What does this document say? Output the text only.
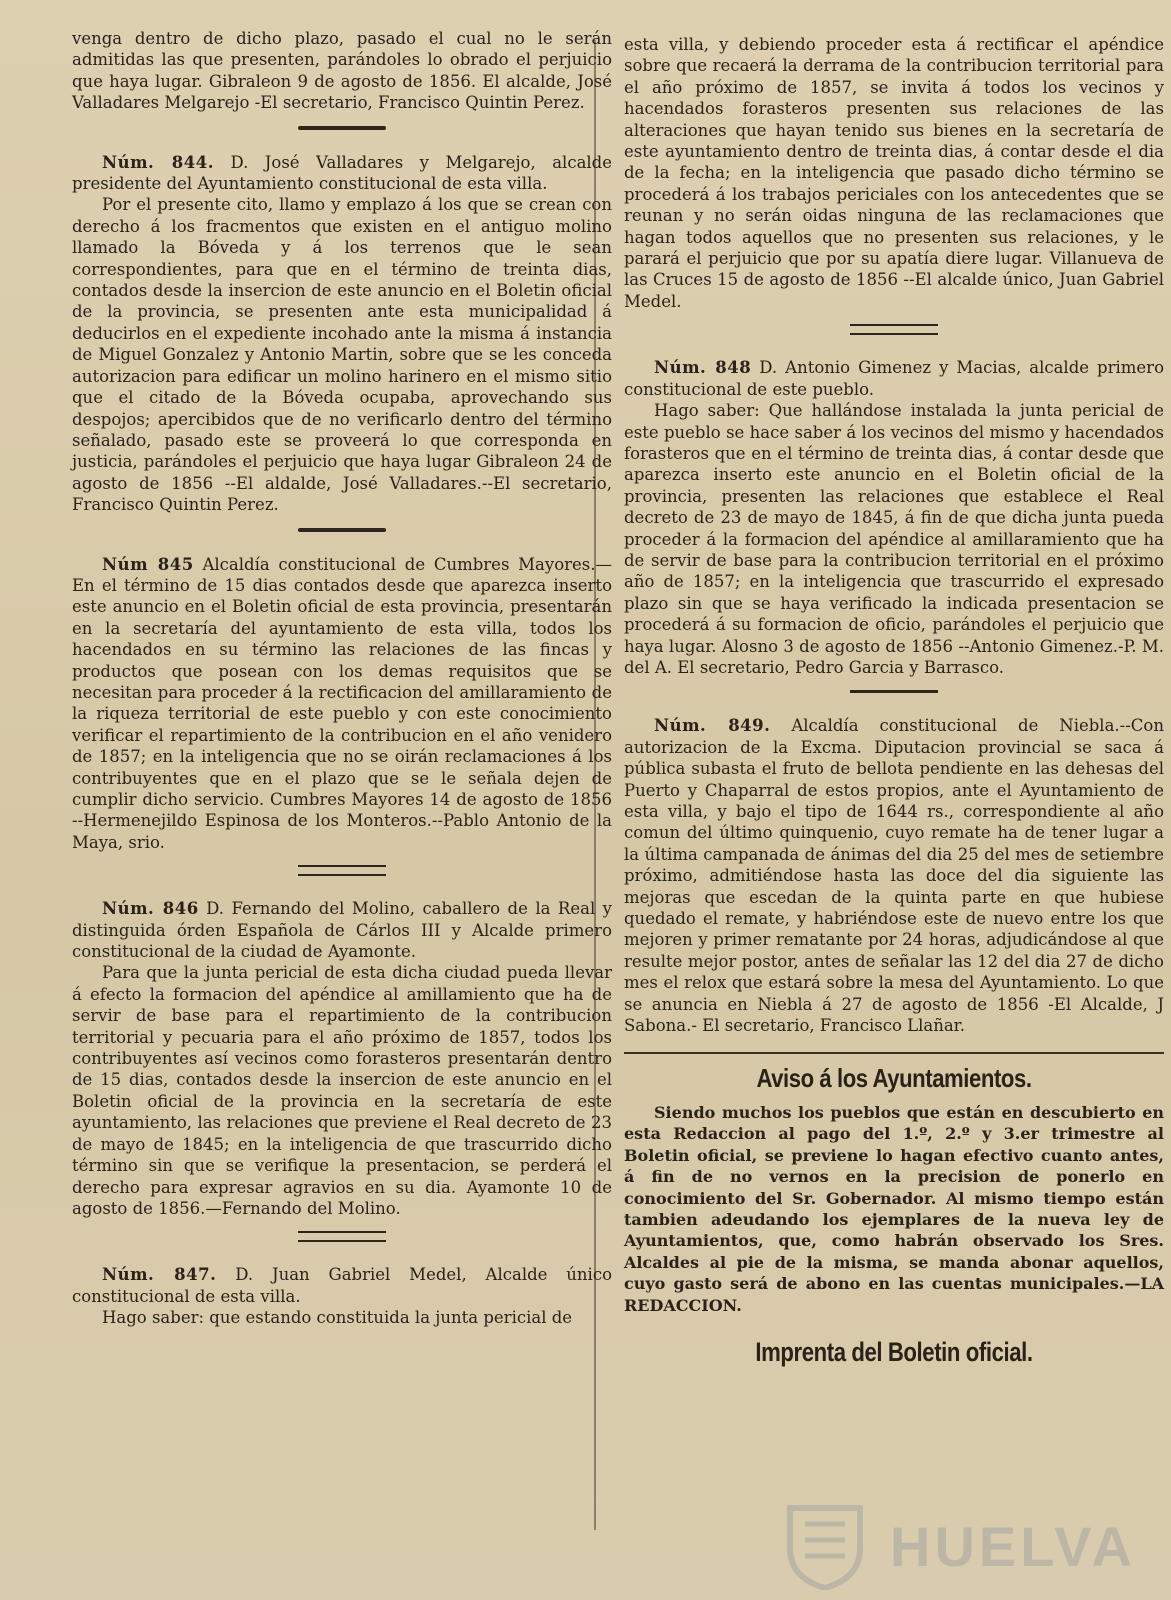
venga dentro de dicho plazo, pasado el cual no le serán admitidas las que presenten, parándoles lo obrado el perjuicio que haya lugar. Gibraleon 9 de agosto de 1856. El alcalde, José Valladares Melgarejo -El secretario, Francisco Quintin Perez.

Núm. 844. D. José Valladares y Melgarejo, alcalde presidente del Ayuntamiento constitucional de esta villa.

Por el presente cito, llamo y emplazo á los que se crean con derecho á los fracmentos que existen en el antiguo molino llamado la Bóveda y á los terrenos que le sean correspondientes, para que en el término de treinta dias, contados desde la insercion de este anuncio en el Boletin oficial de la provincia, se presenten ante esta municipalidad á deducirlos en el expediente incohado ante la misma á instancia de Miguel Gonzalez y Antonio Martin, sobre que se les conceda autorizacion para edificar un molino harinero en el mismo sitio que el citado de la Bóveda ocupaba, aprovechando sus despojos; apercibidos que de no verificarlo dentro del término señalado, pasado este se proveerá lo que corresponda en justicia, parándoles el perjuicio que haya lugar Gibraleon 24 de agosto de 1856 --El aldalde, José Valladares.--El secretario, Francisco Quintin Perez.

Núm 845 Alcaldía constitucional de Cumbres Mayores.—En el término de 15 dias contados desde que aparezca inserto este anuncio en el Boletin oficial de esta provincia, presentarán en la secretaría del ayuntamiento de esta villa, todos los hacendados en su término las relaciones de las fincas y productos que posean con los demas requisitos que se necesitan para proceder á la rectificacion del amillaramiento de la riqueza territorial de este pueblo y con este conocimiento verificar el repartimiento de la contribucion en el año venidero de 1857; en la inteligencia que no se oirán reclamaciones á los contribuyentes que en el plazo que se le señala dejen de cumplir dicho servicio. Cumbres Mayores 14 de agosto de 1856 --Hermenejildo Espinosa de los Monteros.--Pablo Antonio de la Maya, srio.

Núm. 846 D. Fernando del Molino, caballero de la Real y distinguida órden Española de Cárlos III y Alcalde primero constitucional de la ciudad de Ayamonte.

Para que la junta pericial de esta dicha ciudad pueda llevar á efecto la formacion del apéndice al amillamiento que ha de servir de base para el repartimiento de la contribucion territorial y pecuaria para el año próximo de 1857, todos los contribuyentes así vecinos como forasteros presentarán dentro de 15 dias, contados desde la insercion de este anuncio en el Boletin oficial de la provincia en la secretaría de este ayuntamiento, las relaciones que previene el Real decreto de 23 de mayo de 1845; en la inteligencia de que trascurrido dicho término sin que se verifique la presentacion, se perderá el derecho para expresar agravios en su dia. Ayamonte 10 de agosto de 1856.—Fernando del Molino.

Núm. 847. D. Juan Gabriel Medel, Alcalde único constitucional de esta villa.

Hago saber: que estando constituida la junta pericial de

esta villa, y debiendo proceder esta á rectificar el apéndice sobre que recaerá la derrama de la contribucion territorial para el año próximo de 1857, se invita á todos los vecinos y hacendados forasteros presenten sus relaciones de las alteraciones que hayan tenido sus bienes en la secretaría de este ayuntamiento dentro de treinta dias, á contar desde el dia de la fecha; en la inteligencia que pasado dicho término se procederá á los trabajos periciales con los antecedentes que se reunan y no serán oidas ninguna de las reclamaciones que hagan todos aquellos que no presenten sus relaciones, y le parará el perjuicio que por su apatía diere lugar. Villanueva de las Cruces 15 de agosto de 1856 --El alcalde único, Juan Gabriel Medel.

Núm. 848 D. Antonio Gimenez y Macias, alcalde primero constitucional de este pueblo.

Hago saber: Que hallándose instalada la junta pericial de este pueblo se hace saber á los vecinos del mismo y hacendados forasteros que en el término de treinta dias, á contar desde que aparezca inserto este anuncio en el Boletin oficial de la provincia, presenten las relaciones que establece el Real decreto de 23 de mayo de 1845, á fin de que dicha junta pueda proceder á la formacion del apéndice al amillaramiento que ha de servir de base para la contribucion territorial en el próximo año de 1857; en la inteligencia que trascurrido el expresado plazo sin que se haya verificado la indicada presentacion se procederá á su formacion de oficio, parándoles el perjuicio que haya lugar. Alosno 3 de agosto de 1856 --Antonio Gimenez.-P. M. del A. El secretario, Pedro Garcia y Barrasco.

Núm. 849. Alcaldía constitucional de Niebla.--Con autorizacion de la Excma. Diputacion provincial se saca á pública subasta el fruto de bellota pendiente en las dehesas del Puerto y Chaparral de estos propios, ante el Ayuntamiento de esta villa, y bajo el tipo de 1644 rs., correspondiente al año comun del último quinquenio, cuyo remate ha de tener lugar a la última campanada de ánimas del dia 25 del mes de setiembre próximo, admitiéndose hasta las doce del dia siguiente las mejoras que escedan de la quinta parte en que hubiese quedado el remate, y habriéndose este de nuevo entre los que mejoren y primer rematante por 24 horas, adjudicándose al que resulte mejor postor, antes de señalar las 12 del dia 27 de dicho mes el relox que estará sobre la mesa del Ayuntamiento. Lo que se anuncia en Niebla á 27 de agosto de 1856 -El Alcalde, J Sabona.- El secretario, Francisco Llañar.

Aviso á los Ayuntamientos.

Siendo muchos los pueblos que están en descubierto en esta Redaccion al pago del 1.º, 2.º y 3.er trimestre al Boletin oficial, se previene lo hagan efectivo cuanto antes, á fin de no vernos en la precision de ponerlo en conocimiento del Sr. Gobernador. Al mismo tiempo están tambien adeudando los ejemplares de la nueva ley de Ayuntamientos, que, como habrán observado los Sres. Alcaldes al pie de la misma, se manda abonar aquellos, cuyo gasto será de abono en las cuentas municipales.—LA REDACCION.

Imprenta del Boletin oficial.
HUELVA
